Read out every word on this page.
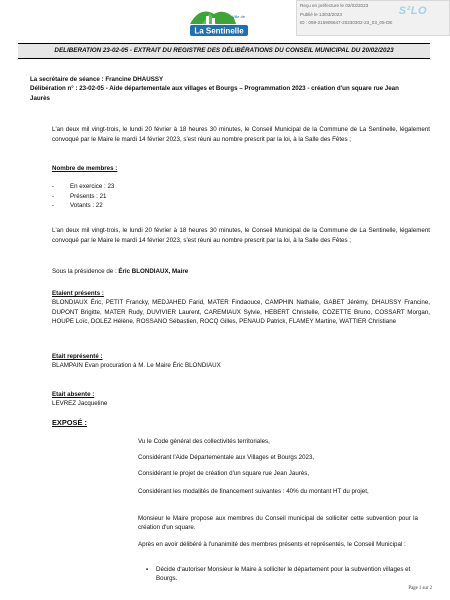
Ville de
La Sentinelle
Reçu en préfecture le 02/03/2023
Publié le 13/03/2023
ID : 059-215905647-20230302-23_03_05-DE
S²LO
DELIBERATION 23-02-05 - EXTRAIT DU REGISTRE DES DÉLIBÉRATIONS DU CONSEIL MUNICIPAL DU 20/02/2023
La secrétaire de séance : Francine DHAUSSY
Délibération n° : 23-02-05 - Aide départementale aux villages et Bourgs – Programmation 2023 - création d'un square rue Jean Jaurès
L'an deux mil vingt-trois, le lundi 20 février à 18 heures 30 minutes, le Conseil Municipal de la Commune de La Sentinelle, légalement convoqué par le Maire le mardi 14 février 2023, s'est réuni au nombre prescrit par la loi, à la Salle des Fêtes ;
Nombre de membres :
-	En exercice : 23
-	Présents : 21
-	Votants : 22
L'an deux mil vingt-trois, le lundi 20 février à 18 heures 30 minutes, le Conseil Municipal de la Commune de La Sentinelle, légalement convoqué par le Maire le mardi 14 février 2023, s'est réuni au nombre prescrit par la loi, à la Salle des Fêtes ;
Sous la présidence de : Éric BLONDIAUX, Maire
Etaient présents :
BLONDIAUX Éric, PETIT Francky, MEDJAHED Farid, MATER Findaouce, CAMPHIN Nathalie, GABET Jérémy, DHAUSSY Francine, DUPONT Brigitte, MATER Rudy, DUVIVIER Laurent, CAREMIAUX Sylvie, HEBERT Christelle, COZETTE Bruno, COSSART Morgan, HOUPE Loïc, DOLEZ Hélène, ROSSANO Sébastien, ROCQ Gilles, PENAUD Patrick, FLAMEY Martine, WATTIER Christiane
Etait représenté :
BLAMPAIN Evan procuration à M. Le Maire Éric BLONDIAUX
Etait absente :
LEVREZ Jacqueline
EXPOSÉ :
Vu le Code général des collectivités territoriales,
Considérant l'Aide Départementale aux Villages et Bourgs 2023,
Considérant le projet de création d'un square rue Jean Jaurès,
Considérant les modalités de financement suivantes : 40% du montant HT du projet,
Monsieur le Maire propose aux membres du Conseil municipal de solliciter cette subvention pour la création d'un square.
Après en avoir délibéré à l'unanimité des membres présents et représentés, le Conseil Municipal :
▪	Décide d'autoriser Monsieur le Maire à solliciter le département pour la subvention villages et Bourgs.
Page 1 sur 2
